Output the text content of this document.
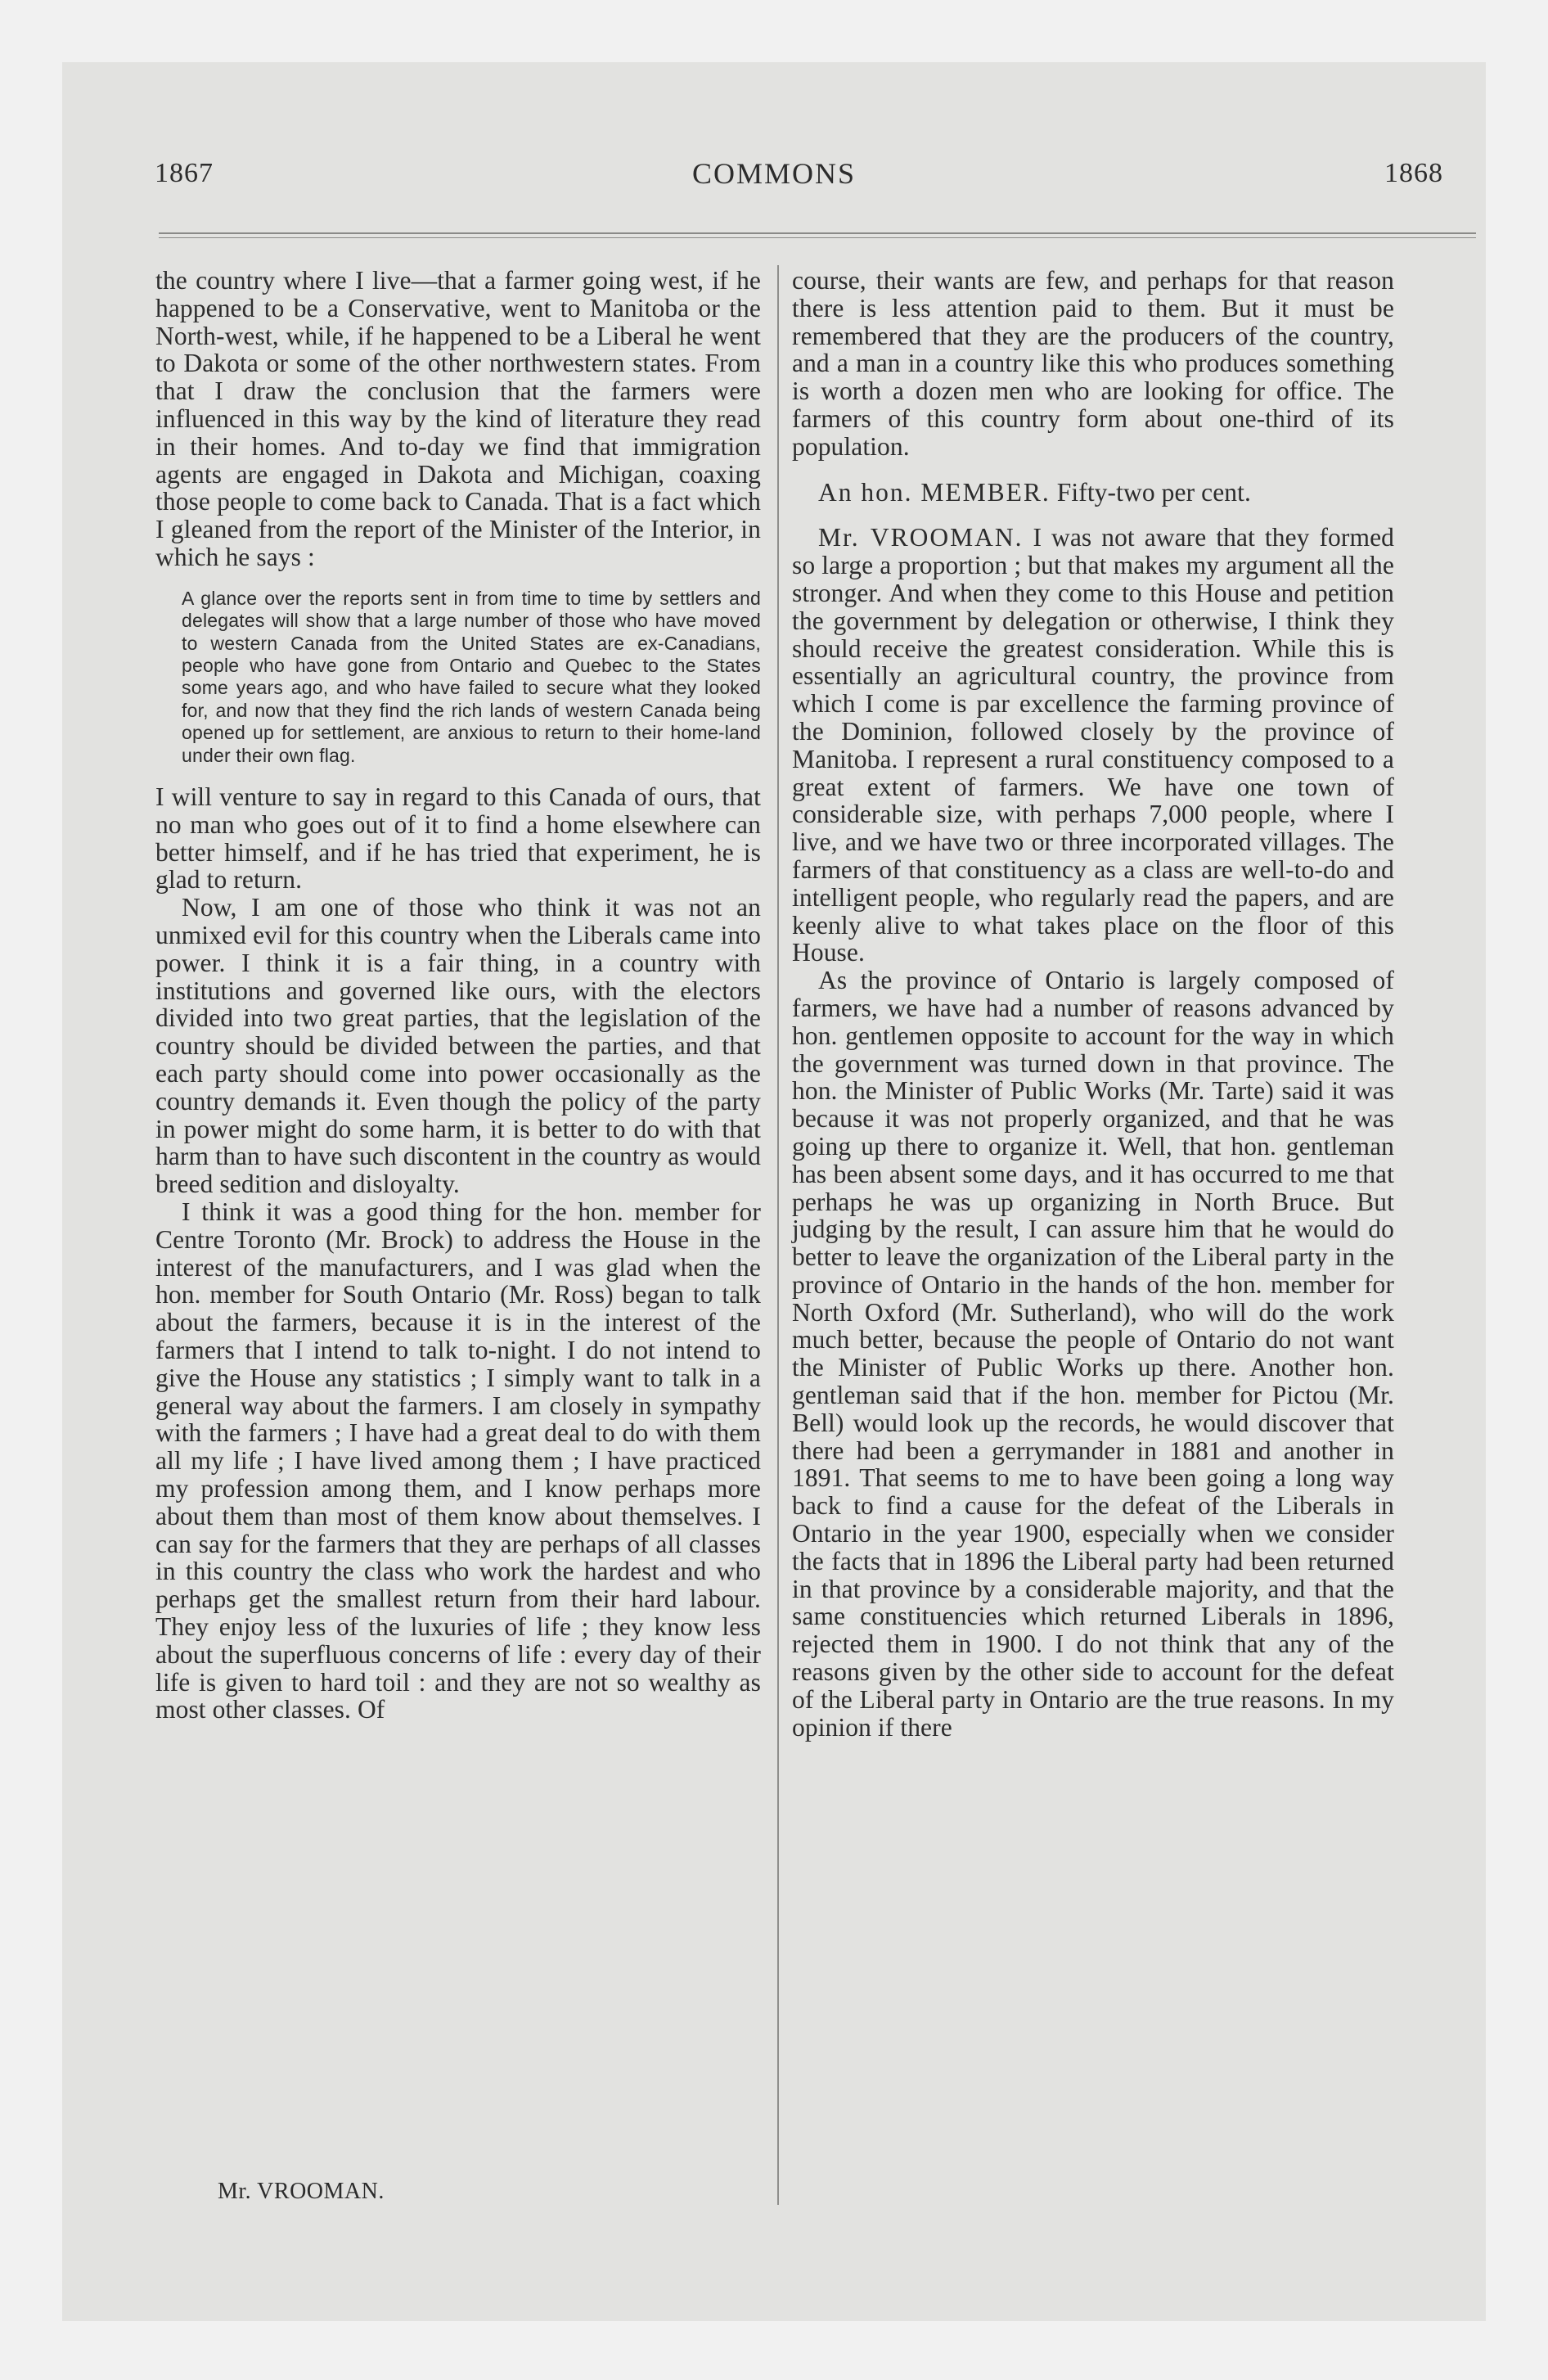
1867	COMMONS	1868

the country where I live—that a farmer going west, if he happened to be a Conservative, went to Manitoba or the North-west, while, if he happened to be a Liberal he went to Dakota or some of the other northwestern states. From that I draw the conclusion that the farmers were influenced in this way by the kind of literature they read in their homes. And to-day we find that immigration agents are engaged in Dakota and Michigan, coaxing those people to come back to Canada. That is a fact which I gleaned from the report of the Minister of the Interior, in which he says :

A glance over the reports sent in from time to time by settlers and delegates will show that a large number of those who have moved to western Canada from the United States are ex-Canadians, people who have gone from Ontario and Quebec to the States some years ago, and who have failed to secure what they looked for, and now that they find the rich lands of western Canada being opened up for settlement, are anxious to return to their home-land under their own flag.

I will venture to say in regard to this Canada of ours, that no man who goes out of it to find a home elsewhere can better himself, and if he has tried that experiment, he is glad to return.

Now, I am one of those who think it was not an unmixed evil for this country when the Liberals came into power. I think it is a fair thing, in a country with institutions and governed like ours, with the electors divided into two great parties, that the legislation of the country should be divided between the parties, and that each party should come into power occasionally as the country demands it. Even though the policy of the party in power might do some harm, it is better to do with that harm than to have such discontent in the country as would breed sedition and disloyalty.

I think it was a good thing for the hon. member for Centre Toronto (Mr. Brock) to address the House in the interest of the manufacturers, and I was glad when the hon. member for South Ontario (Mr. Ross) began to talk about the farmers, because it is in the interest of the farmers that I intend to talk to-night. I do not intend to give the House any statistics ; I simply want to talk in a general way about the farmers. I am closely in sympathy with the farmers ; I have had a great deal to do with them all my life ; I have lived among them ; I have practiced my profession among them, and I know perhaps more about them than most of them know about themselves. I can say for the farmers that they are perhaps of all classes in this country the class who work the hardest and who perhaps get the smallest return from their hard labour. They enjoy less of the luxuries of life ; they know less about the superfluous concerns of life : every day of their life is given to hard toil : and they are not so wealthy as most other classes. Of

course, their wants are few, and perhaps for that reason there is less attention paid to them. But it must be remembered that they are the producers of the country, and a man in a country like this who produces something is worth a dozen men who are looking for office. The farmers of this country form about one-third of its population.

An hon. MEMBER. Fifty-two per cent.

Mr. VROOMAN. I was not aware that they formed so large a proportion ; but that makes my argument all the stronger. And when they come to this House and petition the government by delegation or otherwise, I think they should receive the greatest consideration. While this is essentially an agricultural country, the province from which I come is par excellence the farming province of the Dominion, followed closely by the province of Manitoba. I represent a rural constituency composed to a great extent of farmers. We have one town of considerable size, with perhaps 7,000 people, where I live, and we have two or three incorporated villages. The farmers of that constituency as a class are well-to-do and intelligent people, who regularly read the papers, and are keenly alive to what takes place on the floor of this House.

As the province of Ontario is largely composed of farmers, we have had a number of reasons advanced by hon. gentlemen opposite to account for the way in which the government was turned down in that province. The hon. the Minister of Public Works (Mr. Tarte) said it was because it was not properly organized, and that he was going up there to organize it. Well, that hon. gentleman has been absent some days, and it has occurred to me that perhaps he was up organizing in North Bruce. But judging by the result, I can assure him that he would do better to leave the organization of the Liberal party in the province of Ontario in the hands of the hon. member for North Oxford (Mr. Sutherland), who will do the work much better, because the people of Ontario do not want the Minister of Public Works up there. Another hon. gentleman said that if the hon. member for Pictou (Mr. Bell) would look up the records, he would discover that there had been a gerrymander in 1881 and another in 1891. That seems to me to have been going a long way back to find a cause for the defeat of the Liberals in Ontario in the year 1900, especially when we consider the facts that in 1896 the Liberal party had been returned in that province by a considerable majority, and that the same constituencies which returned Liberals in 1896, rejected them in 1900. I do not think that any of the reasons given by the other side to account for the defeat of the Liberal party in Ontario are the true reasons. In my opinion if there

Mr. VROOMAN.
